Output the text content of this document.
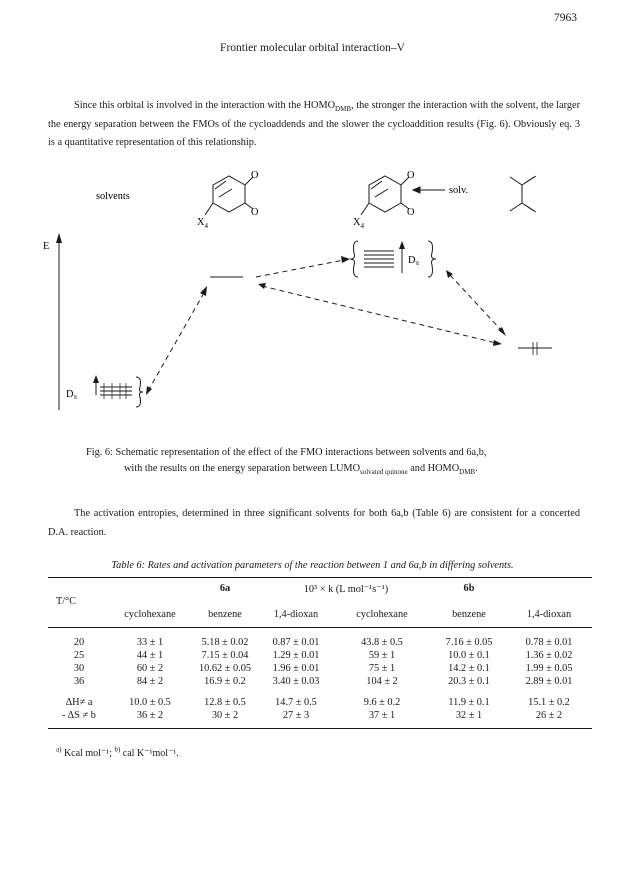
7963
Frontier molecular orbital interaction–V
Since this orbital is involved in the interaction with the $HOMO_{DMB}$, the stronger the interaction with the solvent, the larger the energy separation between the FMOs of the cycloaddends and the slower the cycloaddition results (Fig. 6). Obviously eq. 3 is a quantitative representation of this relationship.
solvents
O
O
$X_4$
O
O
solv.
$X_4$
E
Dπ
Dπ
Fig. 6: Schematic representation of the effect of the FMO interactions between solvents and 6a,b,
with the results on the energy separation between $LUMO_{solvated quinone}$ and $HOMO_{DMB}$.
The activation entropies, determined in three significant solvents for both 6a,b (Table 6) are consistent for a concerted D.A. reaction.
Table 6: Rates and activation parameters of the reaction between 1 and 6a,b in differing solvents.
		6a	10³ × k (L mol⁻¹s⁻¹)		6b	
T/°C						
	cyclohexane	benzene	1,4-dioxan	cyclohexane	benzene	1,4-dioxan

20	33 ± 1	5.18 ± 0.02	0.87 ± 0.01	43.8 ± 0.5	7.16 ± 0.05	0.78 ± 0.01
25	44 ± 1	7.15 ± 0.04	1.29 ± 0.01	59 ± 1	10.0 ± 0.1	1.36 ± 0.02
30	60 ± 2	10.62 ± 0.05	1.96 ± 0.01	75 ± 1	14.2 ± 0.1	1.99 ± 0.05
36	84 ± 2	16.9 ± 0.2	3.40 ± 0.03	104 ± 2	20.3 ± 0.1	2.89 ± 0.01

ΔH≠ a	10.0 ± 0.5	12.8 ± 0.5	14.7 ± 0.5	9.6 ± 0.2	11.9 ± 0.1	15.1 ± 0.2
- ΔS ≠ b	36 ± 2	30 ± 2	27 ± 3	37 ± 1	32 ± 1	26 ± 2
$^{a)}$ Kcal mol⁻¹; $^{b)}$ cal K⁻¹mol⁻¹.
